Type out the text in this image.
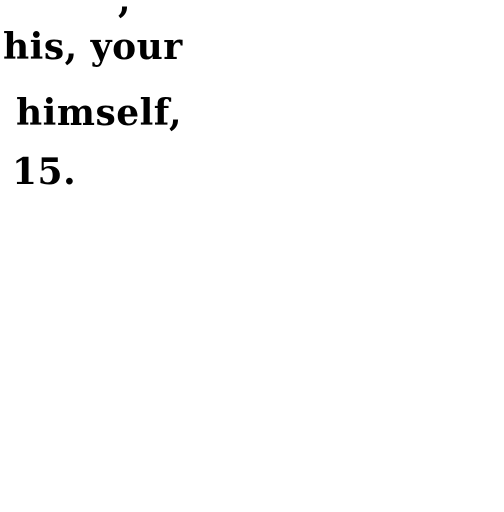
,
his, your
himself,
15.
